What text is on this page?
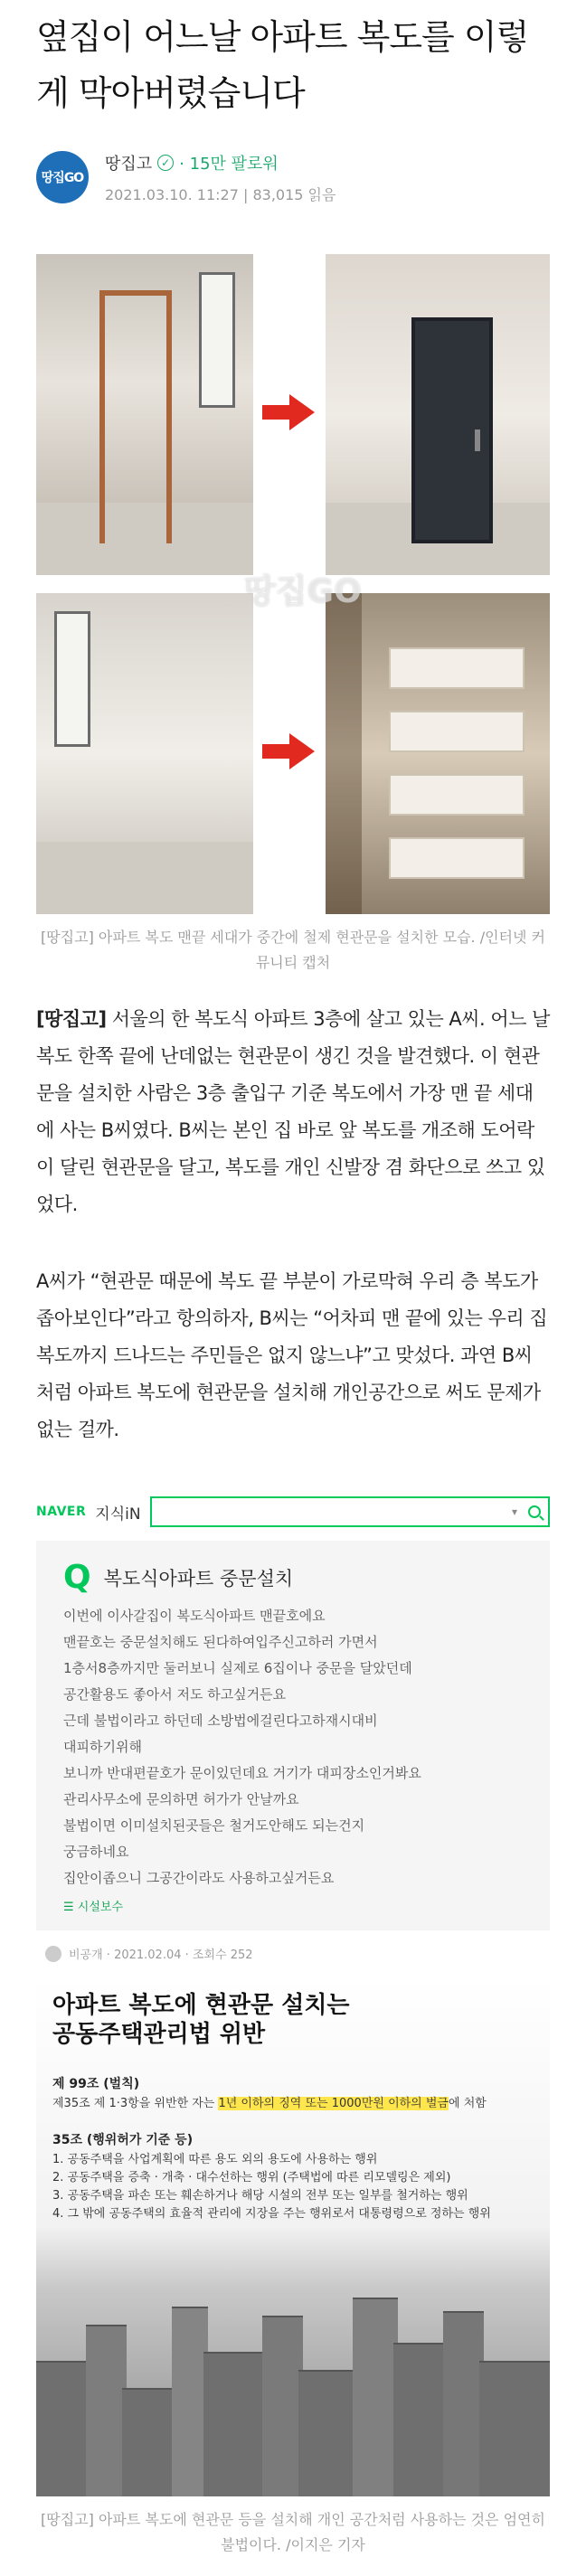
옆집이 어느날 아파트 복도를 이렇게 막아버렸습니다
땅집GO
땅집고 ✓ · 15만 팔로워
2021.03.10. 11:27 | 83,015 읽음
땅집GO

[땅집고] 아파트 복도 맨끝 세대가 중간에 철제 현관문을 설치한 모습. /인터넷 커뮤니티 캡처

[땅집고] 서울의 한 복도식 아파트 3층에 살고 있는 A씨. 어느 날 복도 한쪽 끝에 난데없는 현관문이 생긴 것을 발견했다. 이 현관문을 설치한 사람은 3층 출입구 기준 복도에서 가장 맨 끝 세대에 사는 B씨였다. B씨는 본인 집 바로 앞 복도를 개조해 도어락이 달린 현관문을 달고, 복도를 개인 신발장 겸 화단으로 쓰고 있었다.

A씨가 “현관문 때문에 복도 끝 부분이 가로막혀 우리 층 복도가 좁아보인다”라고 항의하자, B씨는 “어차피 맨 끝에 있는 우리 집 복도까지 드나드는 주민들은 없지 않느냐”고 맞섰다. 과연 B씨처럼 아파트 복도에 현관문을 설치해 개인공간으로 써도 문제가 없는 걸까.

NAVER 지식iN	▾
Q 복도식아파트 중문설치
이번에 이사갈집이 복도식아파트 맨끝호에요
맨끝호는 중문설치해도 된다하여입주신고하러 가면서
1층서8층까지만 둘러보니 실제로 6집이나 중문을 달았던데
공간활용도 좋아서 저도 하고싶거든요
근데 불법이라고 하던데 소방법에걸린다고하재시대비
대피하기위해
보니까 반대편끝호가 문이있던데요 거기가 대피장소인거봐요
관리사무소에 문의하면 허가가 안날까요
불법이면 이미설치된곳들은 철거도안해도 되는건지
궁금하네요
집안이좁으니 그공간이라도 사용하고싶거든요
☰ 시설보수
비공개 · 2021.02.04 · 조회수 252
아파트 복도에 현관문 설치는
공동주택관리법 위반
제 99조 (벌칙)
제35조 제 1·3항을 위반한 자는 1년 이하의 징역 또는 1000만원 이하의 벌금에 처함
35조 (행위허가 기준 등)
1. 공동주택을 사업계획에 따른 용도 외의 용도에 사용하는 행위
2. 공동주택을 증축 · 개축 · 대수선하는 행위 (주택법에 따른 리모델링은 제외)
3. 공동주택을 파손 또는 훼손하거나 해당 시설의 전부 또는 일부를 철거하는 행위
4. 그 밖에 공동주택의 효율적 관리에 지장을 주는 행위로서 대통령령으로 정하는 행위

[땅집고] 아파트 복도에 현관문 등을 설치해 개인 공간처럼 사용하는 것은 엄연히 불법이다. /이지은 기자
